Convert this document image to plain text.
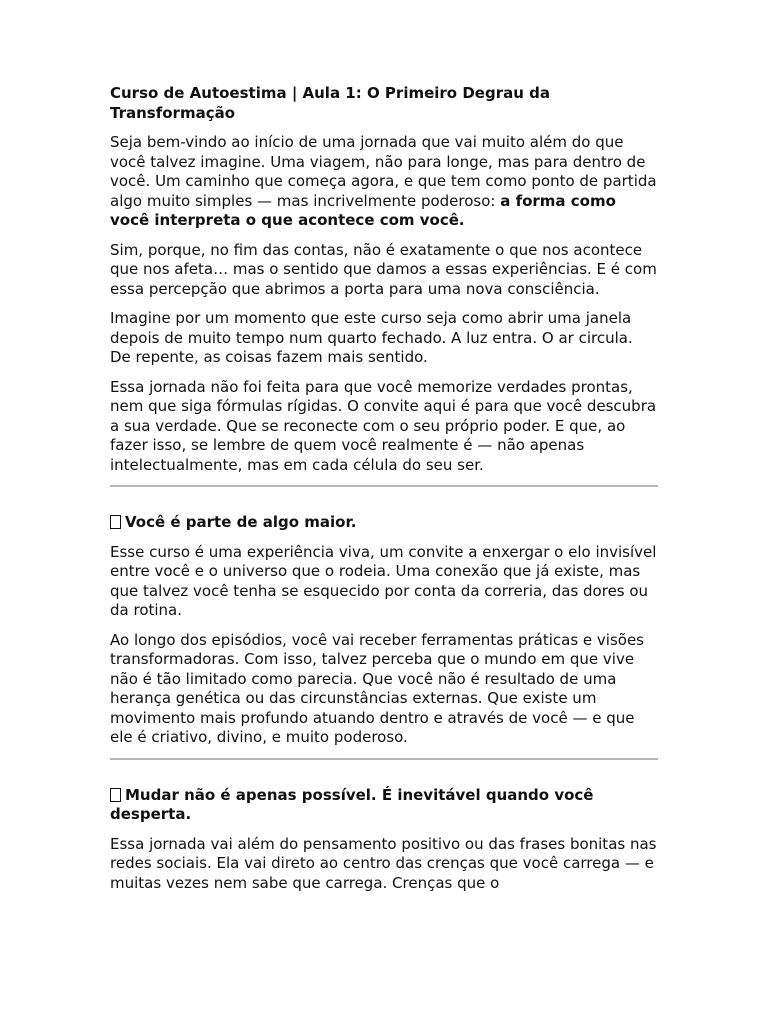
Curso de Autoestima | Aula 1: O Primeiro Degrau da Transformação

Seja bem-vindo ao início de uma jornada que vai muito além do que você talvez imagine. Uma viagem, não para longe, mas para dentro de você. Um caminho que começa agora, e que tem como ponto de partida algo muito simples — mas incrivelmente poderoso: a forma como você interpreta o que acontece com você.

Sim, porque, no fim das contas, não é exatamente o que nos acontece que nos afeta… mas o sentido que damos a essas experiências. E é com essa percepção que abrimos a porta para uma nova consciência.

Imagine por um momento que este curso seja como abrir uma janela depois de muito tempo num quarto fechado. A luz entra. O ar circula. De repente, as coisas fazem mais sentido.

Essa jornada não foi feita para que você memorize verdades prontas, nem que siga fórmulas rígidas. O convite aqui é para que você descubra a sua verdade. Que se reconecte com o seu próprio poder. E que, ao fazer isso, se lembre de quem você realmente é — não apenas intelectualmente, mas em cada célula do seu ser.

Você é parte de algo maior.

Esse curso é uma experiência viva, um convite a enxergar o elo invisível entre você e o universo que o rodeia. Uma conexão que já existe, mas que talvez você tenha se esquecido por conta da correria, das dores ou da rotina.

Ao longo dos episódios, você vai receber ferramentas práticas e visões transformadoras. Com isso, talvez perceba que o mundo em que vive não é tão limitado como parecia. Que você não é resultado de uma herança genética ou das circunstâncias externas. Que existe um movimento mais profundo atuando dentro e através de você — e que ele é criativo, divino, e muito poderoso.

Mudar não é apenas possível. É inevitável quando você desperta.

Essa jornada vai além do pensamento positivo ou das frases bonitas nas redes sociais. Ela vai direto ao centro das crenças que você carrega — e muitas vezes nem sabe que carrega. Crenças que o
